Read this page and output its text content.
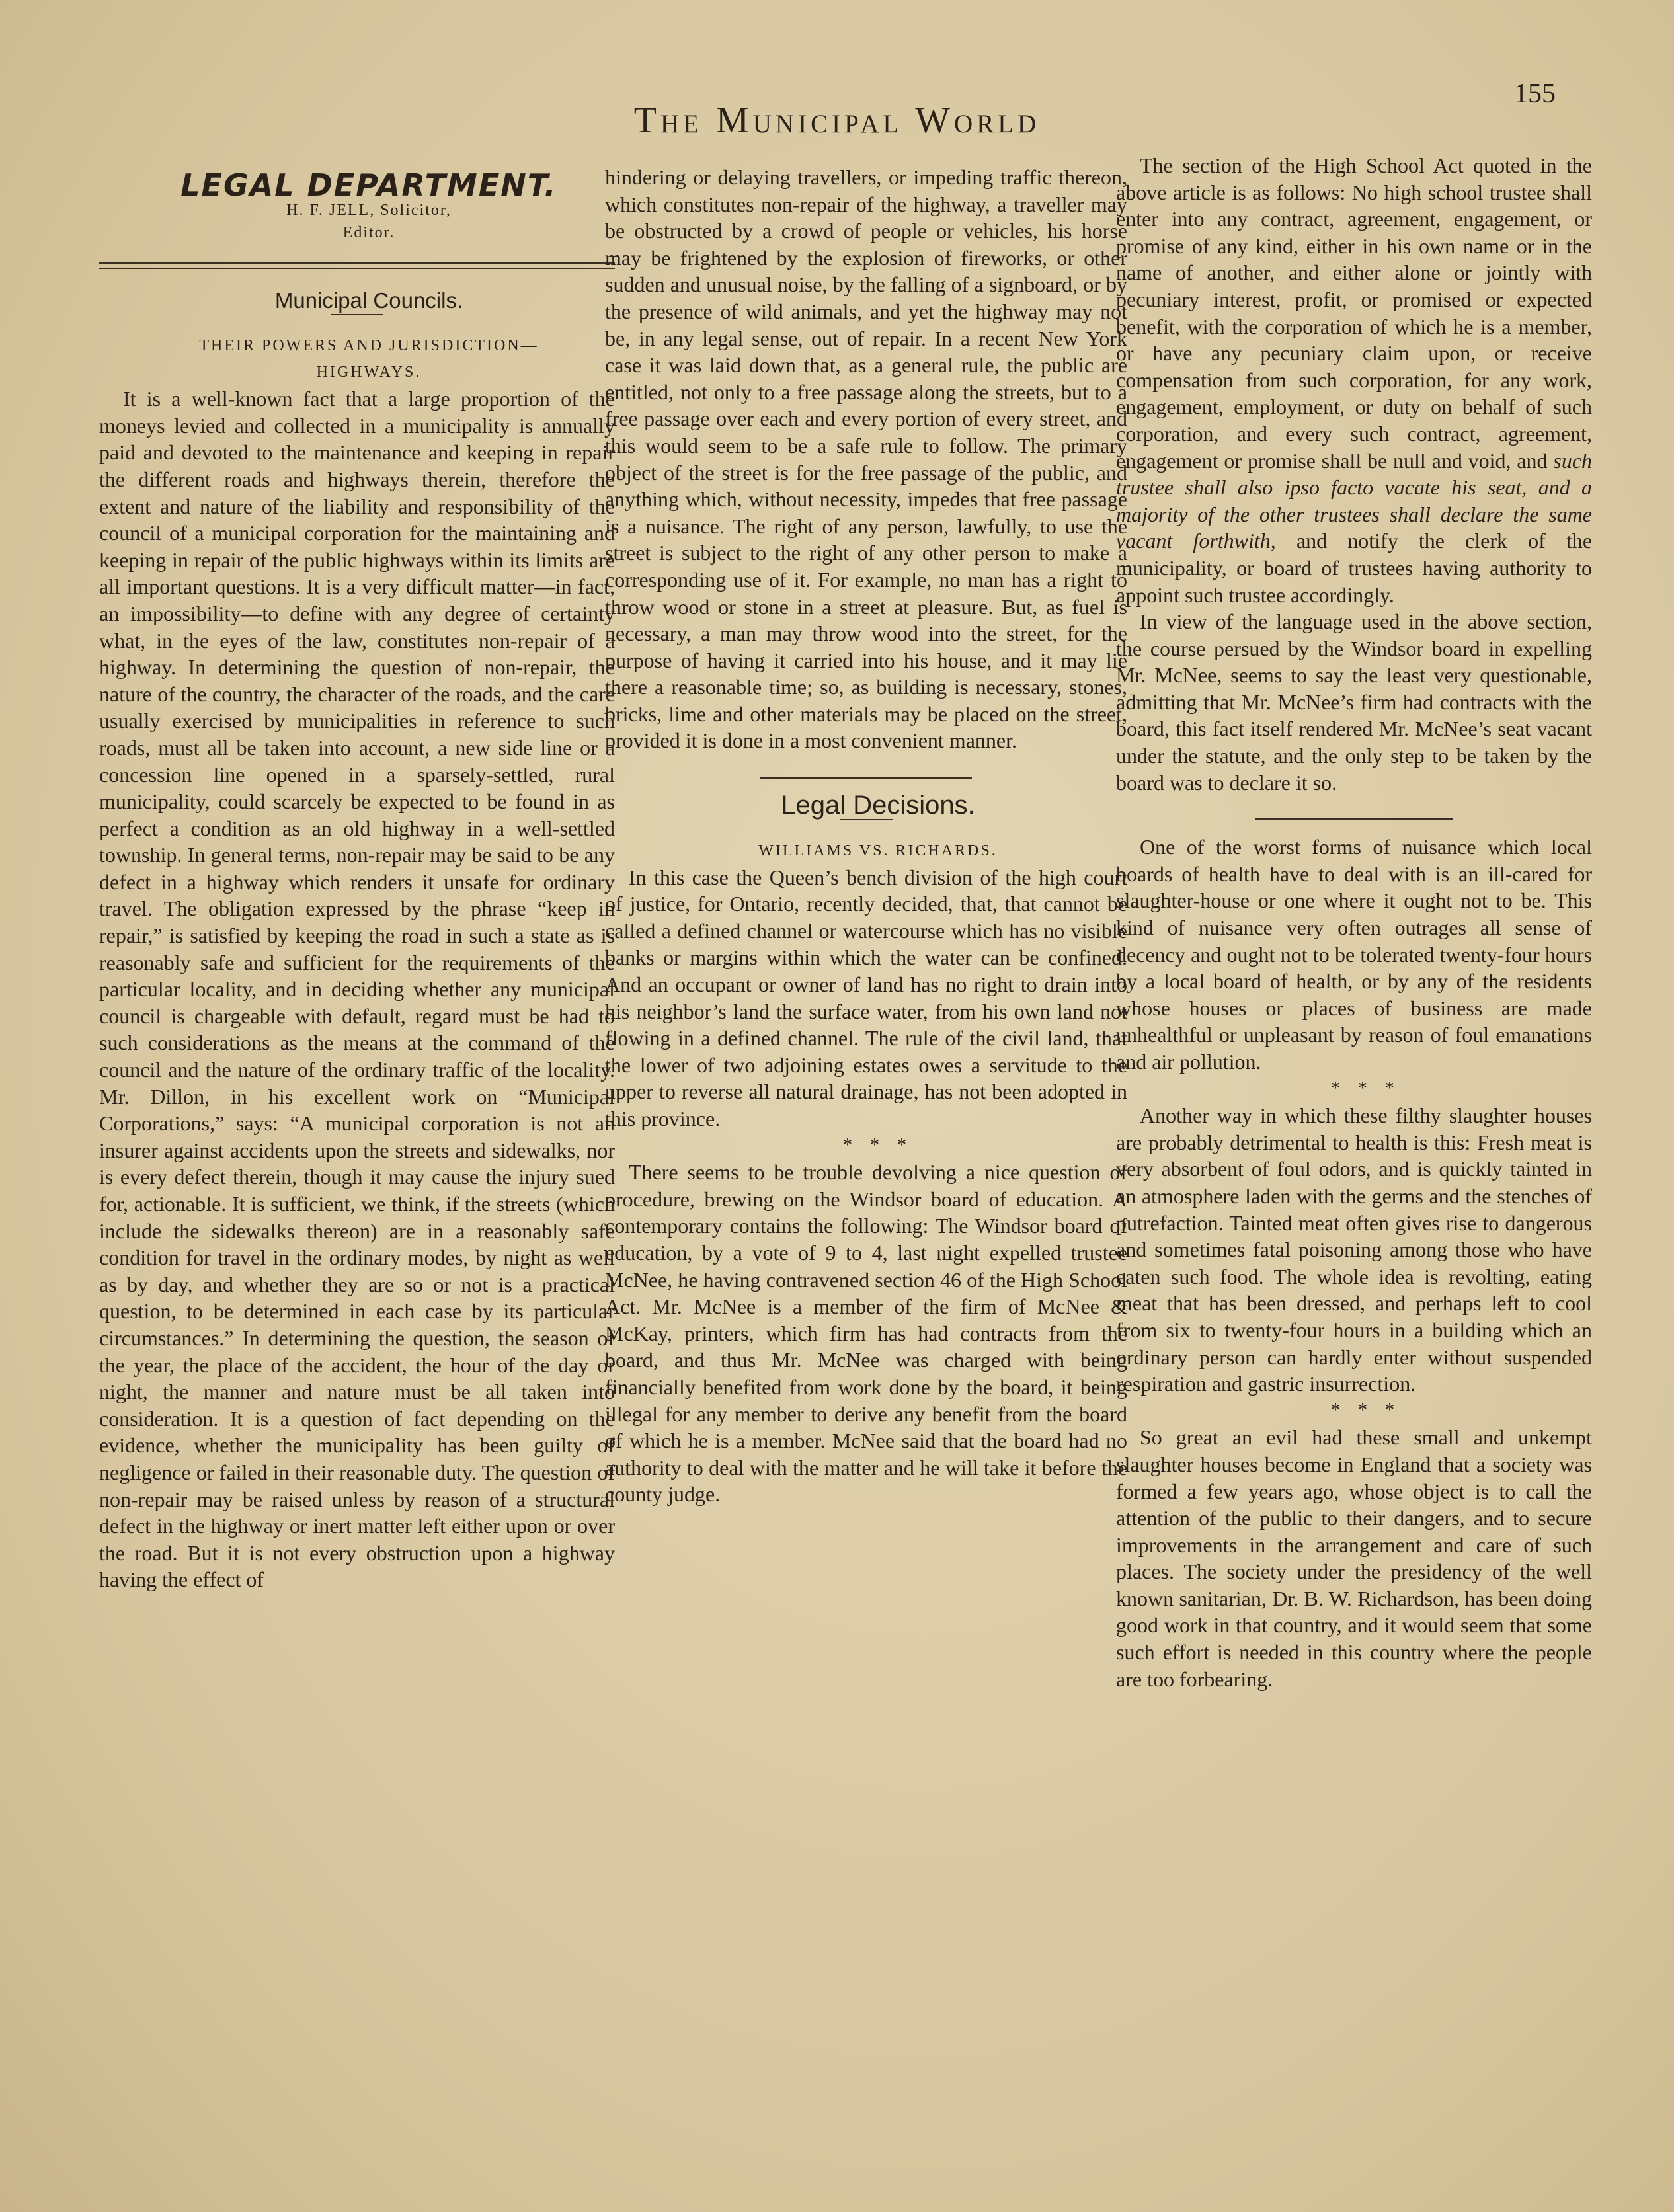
The Municipal World
155

LEGAL DEPARTMENT.

H. F. JELL, Solicitor,

Editor.

Municipal Councils.

THEIR POWERS AND JURISDICTION—

HIGHWAYS.

It is a well-known fact that a large proportion of the moneys levied and collected in a municipality is annually paid and devoted to the maintenance and keeping in repair the different roads and highways therein, therefore the extent and nature of the liability and responsibility of the council of a municipal corporation for the maintaining and keeping in repair of the public highways within its limits are all important questions. It is a very difficult matter—in fact, an impossibility—to define with any degree of certainty what, in the eyes of the law, constitutes non-repair of a highway. In determining the question of non-repair, the nature of the country, the character of the roads, and the care usually exercised by municipalities in reference to such roads, must all be taken into account, a new side line or a concession line opened in a sparsely-settled, rural municipality, could scarcely be expected to be found in as perfect a condition as an old highway in a well-settled township. In general terms, non-repair may be said to be any defect in a highway which renders it unsafe for ordinary travel. The obligation expressed by the phrase “keep in repair,” is satisfied by keeping the road in such a state as is reasonably safe and sufficient for the requirements of the particular locality, and in deciding whether any municipal council is chargeable with default, regard must be had to such considerations as the means at the command of the council and the nature of the ordinary traffic of the locality. Mr. Dillon, in his excellent work on “Municipal Corporations,” says: “A municipal corporation is not an insurer against accidents upon the streets and sidewalks, nor is every defect therein, though it may cause the injury sued for, actionable. It is sufficient, we think, if the streets (which include the sidewalks thereon) are in a reasonably safe condition for travel in the ordinary modes, by night as well as by day, and whether they are so or not is a practical question, to be determined in each case by its particular circumstances.” In determining the question, the season of the year, the place of the accident, the hour of the day or night, the manner and nature must be all taken into consideration. It is a question of fact depending on the evidence, whether the municipality has been guilty of negligence or failed in their reasonable duty. The question of non-repair may be raised unless by reason of a structural defect in the highway or inert matter left either upon or over the road. But it is not every obstruction upon a highway having the effect of

hindering or delaying travellers, or impeding traffic thereon, which constitutes non-repair of the highway, a traveller may be obstructed by a crowd of people or vehicles, his horse may be frightened by the explosion of fireworks, or other sudden and unusual noise, by the falling of a signboard, or by the presence of wild animals, and yet the highway may not be, in any legal sense, out of repair. In a recent New York case it was laid down that, as a general rule, the public are entitled, not only to a free passage along the streets, but to a free passage over each and every portion of every street, and this would seem to be a safe rule to follow. The primary object of the street is for the free passage of the public, and anything which, without necessity, impedes that free passage is a nuisance. The right of any person, lawfully, to use the street is subject to the right of any other person to make a corresponding use of it. For example, no man has a right to throw wood or stone in a street at pleasure. But, as fuel is necessary, a man may throw wood into the street, for the purpose of having it carried into his house, and it may lie there a reasonable time; so, as building is necessary, stones, bricks, lime and other materials may be placed on the street, provided it is done in a most convenient manner.

Legal Decisions.

WILLIAMS VS. RICHARDS.

In this case the Queen’s bench division of the high court of justice, for Ontario, recently decided, that, that cannot be called a defined channel or watercourse which has no visible banks or margins within which the water can be confined. And an occupant or owner of land has no right to drain into his neighbor’s land the surface water, from his own land not flowing in a defined channel. The rule of the civil land, that the lower of two adjoining estates owes a servitude to the upper to reverse all natural drainage, has not been adopted in this province.

* * *

There seems to be trouble devolving a nice question of procedure, brewing on the Windsor board of education. A contemporary contains the following: The Windsor board of education, by a vote of 9 to 4, last night expelled trustee McNee, he having contravened section 46 of the High School Act. Mr. McNee is a member of the firm of McNee & McKay, printers, which firm has had contracts from the board, and thus Mr. McNee was charged with being financially benefited from work done by the board, it being illegal for any member to derive any benefit from the board of which he is a member. McNee said that the board had no authority to deal with the matter and he will take it before the county judge.

The section of the High School Act quoted in the above article is as follows: No high school trustee shall enter into any contract, agreement, engagement, or promise of any kind, either in his own name or in the name of another, and either alone or jointly with pecuniary interest, profit, or promised or expected benefit, with the corporation of which he is a member, or have any pecuniary claim upon, or receive compensation from such corporation, for any work, engagement, employment, or duty on behalf of such corporation, and every such contract, agreement, engagement or promise shall be null and void, and such trustee shall also ipso facto vacate his seat, and a majority of the other trustees shall declare the same vacant forthwith, and notify the clerk of the municipality, or board of trustees having authority to appoint such trustee accordingly.

In view of the language used in the above section, the course persued by the Windsor board in expelling Mr. McNee, seems to say the least very questionable, admitting that Mr. McNee’s firm had contracts with the board, this fact itself rendered Mr. McNee’s seat vacant under the statute, and the only step to be taken by the board was to declare it so.

One of the worst forms of nuisance which local boards of health have to deal with is an ill-cared for slaughter-house or one where it ought not to be. This kind of nuisance very often outrages all sense of decency and ought not to be tolerated twenty-four hours by a local board of health, or by any of the residents whose houses or places of business are made unhealthful or unpleasant by reason of foul emanations and air pollution.

* * *

Another way in which these filthy slaughter houses are probably detrimental to health is this: Fresh meat is very absorbent of foul odors, and is quickly tainted in an atmosphere laden with the germs and the stenches of putrefaction. Tainted meat often gives rise to dangerous and sometimes fatal poisoning among those who have eaten such food. The whole idea is revolting, eating meat that has been dressed, and perhaps left to cool from six to twenty-four hours in a building which an ordinary person can hardly enter without suspended respiration and gastric insurrection.

* * *

So great an evil had these small and unkempt slaughter houses become in England that a society was formed a few years ago, whose object is to call the attention of the public to their dangers, and to secure improvements in the arrangement and care of such places. The society under the presidency of the well known sanitarian, Dr. B. W. Richardson, has been doing good work in that country, and it would seem that some such effort is needed in this country where the people are too forbearing.
